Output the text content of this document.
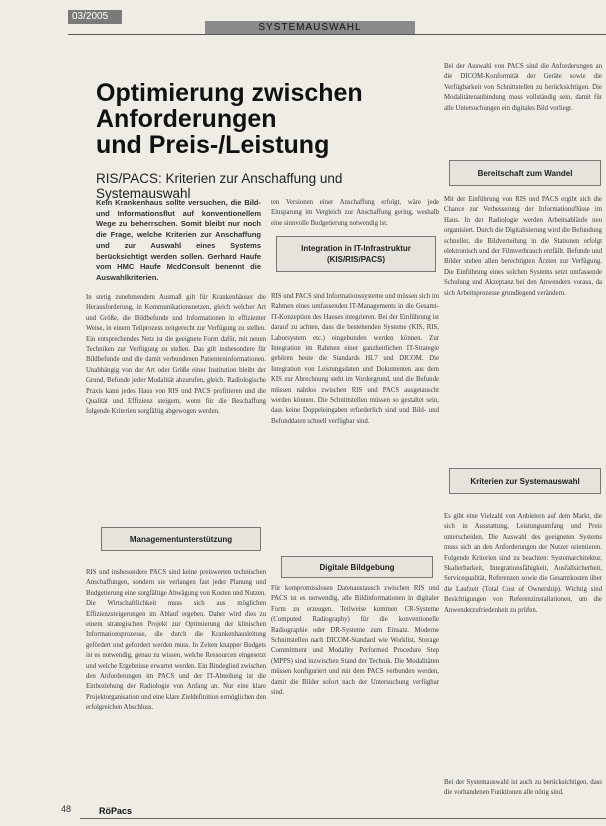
03/2005
SYSTEMAUSWAHL
Optimierung zwischen
Anforderungen
und Preis-/Leistung
RIS/PACS: Kriterien zur Anschaffung und Systemauswahl
Kein Krankenhaus sollte versuchen, die Bild- und Informationsflut auf konventionellem Wege zu beherrschen. Somit bleibt nur noch die Frage, welche Kriterien zur Anschaffung und zur Auswahl eines Systems berücksichtigt werden sollen. Gerhard Haufe vom HMC Haufe McdConsult benennt die Auswahlkriterien.

In stetig zunehmendem Ausmaß gilt für Krankenhäuser die Herausforderung, in Kommunikationsnetzen, gleich welcher Art und Größe, die Bildbefunde und Informationen in effizienter Weise, in einem Teilprozess zeitgerecht zur Verfügung zu stellen. Ein entsprechendes Netz ist die geeignete Form dafür, mit neuen Techniken zur Verfügung zu stellen. Das gilt insbesondere für Bildbefunde und die damit verbundenen Patienteninformationen. Unabhängig von der Art oder Größe einer Institution bleibt der Grund, Befunde jeder Modalität abzurufen, gleich. Radiologische Praxis kann jedes Haus von RIS und PACS profitieren und die Qualität und Effizienz steigern, wenn für die Beschaffung folgende Kriterien sorgfältig abgewogen werden.

Managementunterstützung

RIS und insbesondere PACS sind keine preiswerten technischen Anschaffungen, sondern sie verlangen fast jeder Planung und Budgetierung eine sorgfältige Abwägung von Kosten und Nutzen. Die Wirtschaftlichkeit muss sich aus möglichen Effizienzsteigerungen im Ablauf ergeben. Daher wird dies zu einem strategischen Projekt zur Optimierung der klinischen Informationsprozesse, die durch die Krankenhausleitung gefördert und gefordert werden muss. In Zeiten knapper Budgets ist es notwendig, genau zu wissen, welche Ressourcen eingesetzt und welche Ergebnisse erwartet werden. Ein Bindeglied zwischen den Anforderungen im PACS und der IT-Abteilung ist die Einbeziehung der Radiologie von Anfang an. Nur eine klare Projektorganisation und eine klare Zieldefinition ermöglichen den erfolgreichen Abschluss.

ten Versionen einer Anschaffung erfolgt, wäre jede Einsparung im Vergleich zur Anschaffung gering, weshalb eine sinnvolle Budgetierung notwendig ist.

Integration in IT-Infrastruktur (KIS/RIS/PACS)

RIS und PACS sind Informationssysteme und müssen sich im Rahmen eines umfassenden IT-Managements in die Gesamt-IT-Konzeption des Hauses integrieren. Bei der Einführung ist darauf zu achten, dass die bestehenden Systeme (KIS, RIS, Laborsystem etc.) eingebunden werden können. Zur Integration im Rahmen einer ganzheitlichen IT-Strategie gehören heute die Standards HL7 und DICOM. Die Integration von Leistungsdaten und Dokumenten aus dem KIS zur Abrechnung steht im Vordergrund, und die Befunde müssen nahtlos zwischen RIS und PACS ausgetauscht werden können. Die Schnittstellen müssen so gestaltet sein, dass keine Doppeleingaben erforderlich sind und Bild- und Befunddaten schnell verfügbar sind.

Digitale Bildgebung

Für kompromisslosen Datenaustausch zwischen RIS und PACS ist es notwendig, alle Bildinformationen in digitaler Form zu erzeugen. Teilweise kommen CR-Systeme (Computed Radiography) für die konventionelle Radiographie oder DR-Systeme zum Einsatz. Moderne Schnittstellen nach DICOM-Standard wie Worklist, Storage Commitment und Modality Performed Procedure Step (MPPS) sind inzwischen Stand der Technik. Die Modalitäten müssen konfiguriert und mit dem PACS verbunden werden, damit die Bilder sofort nach der Untersuchung verfügbar sind.

Bei der Auswahl von PACS sind die Anforderungen an die DICOM-Konformität der Geräte sowie die Verfügbarkeit von Schnittstellen zu berücksichtigen. Die Modalitätenanbindung muss vollständig sein, damit für alle Untersuchungen ein digitales Bild vorliegt.

Bereitschaft zum Wandel

Mit der Einführung von RIS und PACS ergibt sich die Chance zur Verbesserung der Informationsflüsse im Haus. In der Radiologie werden Arbeitsabläufe neu organisiert. Durch die Digitalisierung wird die Befundung schneller, die Bildverteilung in die Stationen erfolgt elektronisch und der Filmverbrauch entfällt. Befunde und Bilder stehen allen berechtigten Ärzten zur Verfügung. Die Einführung eines solchen Systems setzt umfassende Schulung und Akzeptanz bei den Anwendern voraus, da sich Arbeitsprozesse grundlegend verändern.

Kriterien zur Systemauswahl

Es gibt eine Vielzahl von Anbietern auf dem Markt, die sich in Ausstattung, Leistungsumfang und Preis unterscheiden. Die Auswahl des geeigneten Systems muss sich an den Anforderungen der Nutzer orientieren. Folgende Kriterien sind zu beachten: Systemarchitektur, Skalierbarkeit, Integrationsfähigkeit, Ausfallsicherheit, Servicequalität, Referenzen sowie die Gesamtkosten über die Laufzeit (Total Cost of Ownership). Wichtig sind Besichtigungen von Referenzinstallationen, um die Anwenderzufriedenheit zu prüfen.

Bei der Systemauswahl ist auch zu berücksichtigen, dass die vorhandenen Funktionen alle nötig sind.

48	RöPacs
